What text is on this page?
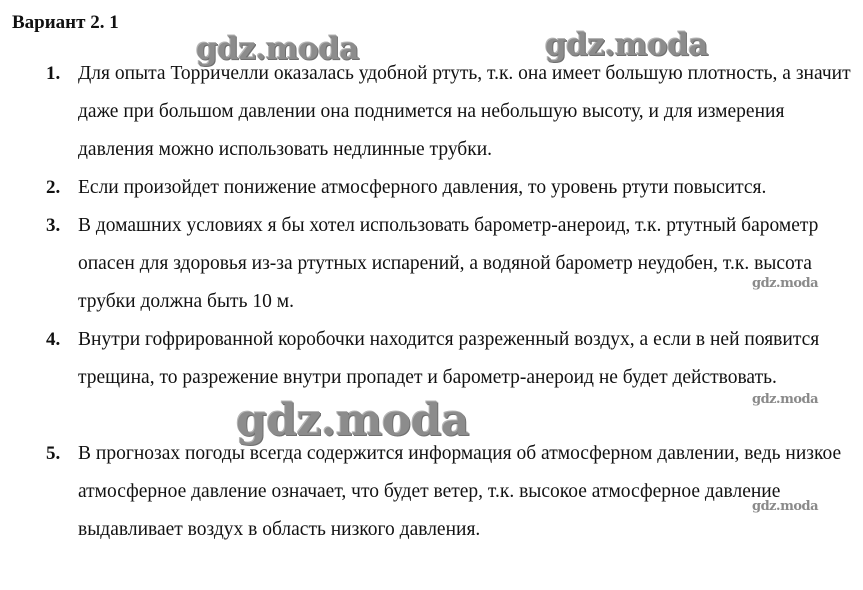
Вариант 2. 1
1. Для опыта Торричелли оказалась удобной ртуть, т.к. она имеет большую плотность, а значит даже при большом давлении она поднимется на небольшую высоту, и для измерения давления можно использовать недлинные трубки.
2. Если произойдет понижение атмосферного давления, то уровень ртути повысится.
3. В домашних условиях я бы хотел использовать барометр-анероид, т.к. ртутный барометр опасен для здоровья из-за ртутных испарений, а водяной барометр неудобен, т.к. высота трубки должна быть 10 м.
4. Внутри гофрированной коробочки находится разреженный воздух, а если в ней появится трещина, то разрежение внутри пропадет и барометр-анероид не будет действовать.
5. В прогнозах погоды всегда содержится информация об атмосферном давлении, ведь низкое атмосферное давление означает, что будет ветер, т.к. высокое атмосферное давление выдавливает воздух в область низкого давления.
gdz.moda	gdz.moda
gdz.moda
gdz.moda
gdz.moda
gdz.moda
